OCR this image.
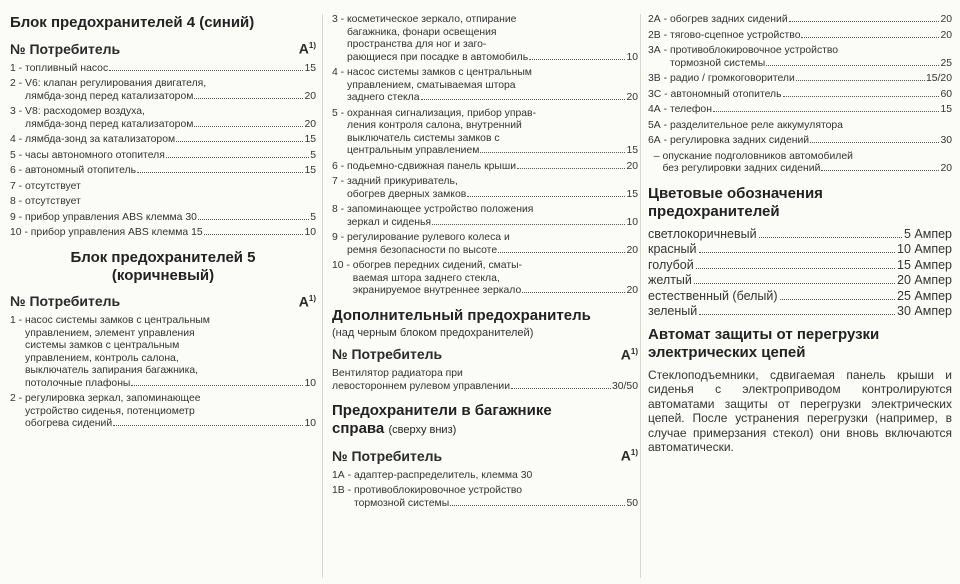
Блок предохранителей 4 (синий)
№ Потребитель	$A^{1)}$
1 - топливный насос	15
2 - V6: клапан регулирования двигателя,
лямбда-зонд перед катализатором	20
3 - V8: расходомер воздуха,
лямбда-зонд перед катализатором	20
4 - лямбда-зонд за катализатором	15
5 - часы автономного отопителя	5
6 - автономный отопитель	15
7 - отсутствует
8 - отсутствует
9 - прибор управления ABS клемма 30	5
10 - прибор управления ABS клемма 15	10
Блок предохранителей 5
(коричневый)
№ Потребитель	$A^{1)}$
1 - насос системы замков с центральным
управлением, элемент управления
системы замков с центральным
управлением, контроль салона,
выключатель запирания багажника,
потолочные плафоны	10
2 - регулировка зеркал, запоминающее
устройство сиденья, потенциометр
обогрева сидений	10
3 - косметическое зеркало, отпирание
багажника, фонари освещения
пространства для ног и заго-
рающиеся при посадке в автомобиль	10
4 - насос системы замков с центральным
управлением, сматываемая штора
заднего стекла	20
5 - охранная сигнализация, прибор управ-
ления контроля салона, внутренний
выключатель системы замков с
центральным управлением	15
6 - подьемно-сдвижная панель крыши	20
7 - задний прикуриватель,
обогрев дверных замков	15
8 - запоминающее устройство положения
зеркал и сиденья	10
9 - регулирование рулевого колеса и
ремня безопасности по высоте	20
10 - обогрев передних сидений, сматы-
ваемая штора заднего стекла,
экранируемое внутреннее зеркало	20
Дополнительный предохранитель
(над черным блоком предохранителей)
№ Потребитель	$A^{1)}$
Вентилятор радиатора при
левостороннем рулевом управлении	30/50
Предохранители в багажнике
справа (сверху вниз)
№ Потребитель	$A^{1)}$
1А - адаптер-распределитель, клемма 30
1В - противоблокировочное устройство
тормозной системы	50
2А - обогрев задних сидений	20
2В - тягово-сцепное устройство	20
3А - противоблокировочное устройство
тормозной системы	25
3В - радио / громкоговорители	15/20
3С - автономный отопитель	60
4А - телефон	15
5А - разделительное реле аккумулятора
6А - регулировка задних сидений	30
– опускание подголовников автомобилей
без регулировки задних сидений	20
Цветовые обозначения
предохранителей
светлокоричневый	5 Ампер
красный	10 Ампер
голубой	15 Ампер
желтый	20 Ампер
естественный (белый)	25 Ампер
зеленый	30 Ампер
Автомат защиты от перегрузки
электрических цепей

Стеклоподъемники, сдвигаемая панель крыши и сиденья с электроприводом контролируются автоматами защиты от перегрузки электрических цепей. После устранения перегрузки (например, в случае примерзания стекол) они вновь включаются автоматически.
